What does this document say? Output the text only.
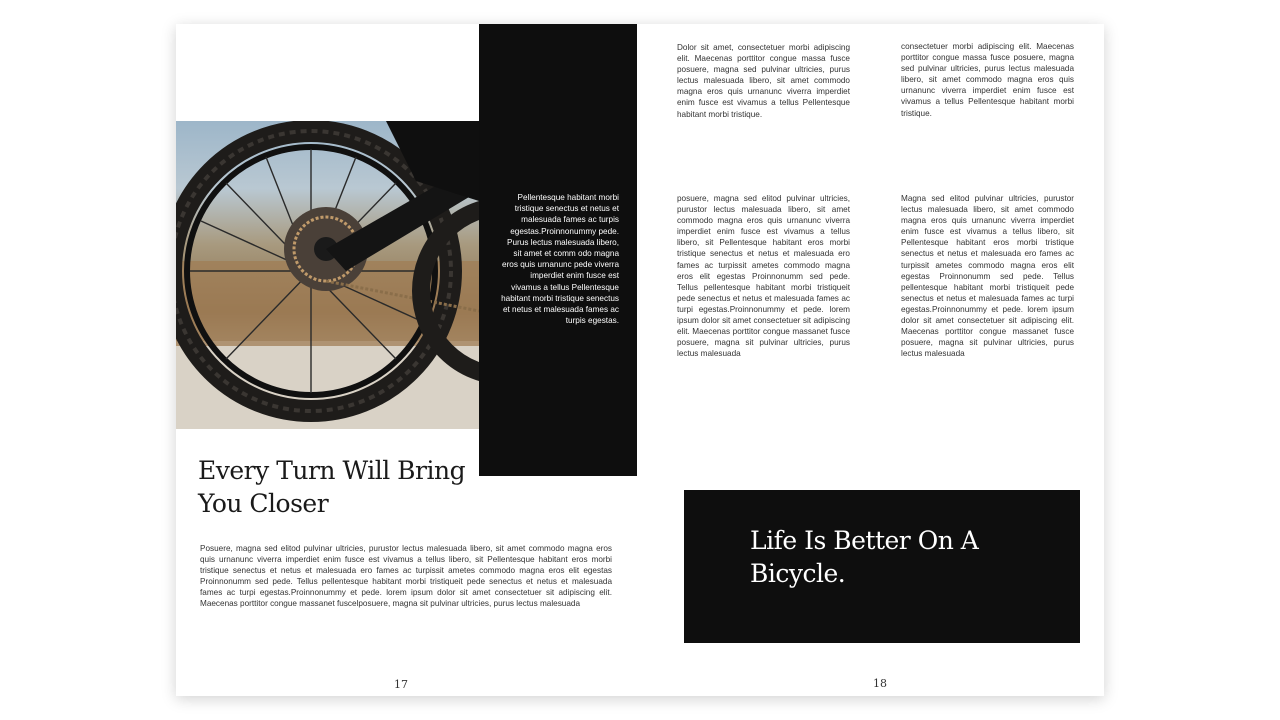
Pellentesque habitant morbi tristique senectus et netus et malesuada fames ac turpis egestas.Proinnonummy pede. Purus lectus malesuada libero, sit amet et comm odo magna eros quis urnanunc pede viverra imperdiet enim fusce est vivamus a tellus Pellentesque habitant morbi tristique senectus et netus et malesuada fames ac turpis egestas.

Every Turn Will Bring You Closer

Posuere, magna sed elitod pulvinar ultricies, purustor lectus malesuada libero, sit amet commodo magna eros quis urnanunc viverra imperdiet enim fusce est vivamus a tellus libero, sit Pellentesque habitant eros morbi tristique senectus et netus et malesuada ero fames ac turpissit ametes commodo magna eros elit egestas Proinnonumm sed pede. Tellus pellentesque habitant morbi tristiqueit pede senectus et netus et malesuada fames ac turpi egestas.Proinnonummy et pede. lorem ipsum dolor sit amet consectetuer sit adipiscing elit. Maecenas porttitor congue massanet fuscelposuere, magna sit pulvinar ultricies, purus lectus malesuada

17

Dolor sit amet, consectetuer morbi adipiscing elit. Maecenas porttitor congue massa fusce posuere, magna sed pulvinar ultricies, purus lectus malesuada libero, sit amet commodo magna eros quis urnanunc viverra imperdiet enim fusce est vivamus a tellus Pellentesque habitant morbi tristique.

consectetuer morbi adipiscing elit. Maecenas porttitor congue massa fusce posuere, magna sed pulvinar ultricies, purus lectus malesuada libero, sit amet commodo magna eros quis urnanunc viverra imperdiet enim fusce est vivamus a tellus Pellentesque habitant morbi tristique.

posuere, magna sed elitod pulvinar ultricies, purustor lectus malesuada libero, sit amet commodo magna eros quis urnanunc viverra imperdiet enim fusce est vivamus a tellus libero, sit Pellentesque habitant eros morbi tristique senectus et netus et malesuada ero fames ac turpissit ametes commodo magna eros elit egestas Proinnonumm sed pede. Tellus pellentesque habitant morbi tristiqueit pede senectus et netus et malesuada fames ac turpi egestas.Proinnonummy et pede. lorem ipsum dolor sit amet consectetuer sit adipiscing elit. Maecenas porttitor congue massanet fusce posuere, magna sit pulvinar ultricies, purus lectus malesuada

Magna sed elitod pulvinar ultricies, purustor lectus malesuada libero, sit amet commodo magna eros quis urnanunc viverra imperdiet enim fusce est vivamus a tellus libero, sit Pellentesque habitant eros morbi tristique senectus et netus et malesuada ero fames ac turpissit ametes commodo magna eros elit egestas Proinnonumm sed pede. Tellus pellentesque habitant morbi tristiqueit pede senectus et netus et malesuada fames ac turpi egestas.Proinnonummy et pede. lorem ipsum dolor sit amet consectetuer sit adipiscing elit. Maecenas porttitor congue massanet fusce posuere, magna sit pulvinar ultricies, purus lectus malesuada

Life Is Better On A Bicycle.
18
